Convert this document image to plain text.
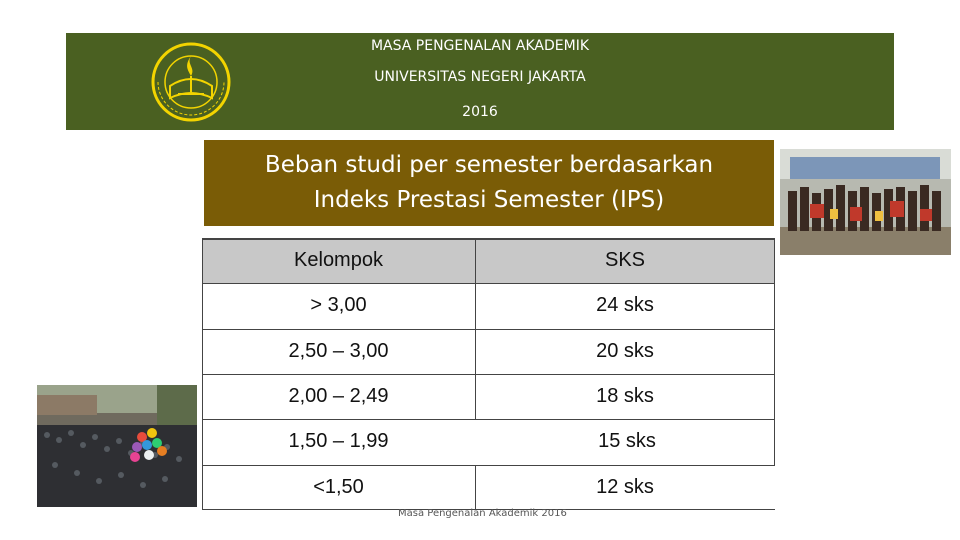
MASA PENGENALAN AKADEMIK
UNIVERSITAS NEGERI JAKARTA
2016
Beban studi per semester berdasarkan
Indeks Prestasi Semester (IPS)
Kelompok	SKS
> 3,00	24 sks
2,50 – 3,00	20 sks
2,00 – 2,49	18 sks
1,50 – 1,99	15 sks
<1,50	12 sks
Masa Pengenalan Akademik 2016
